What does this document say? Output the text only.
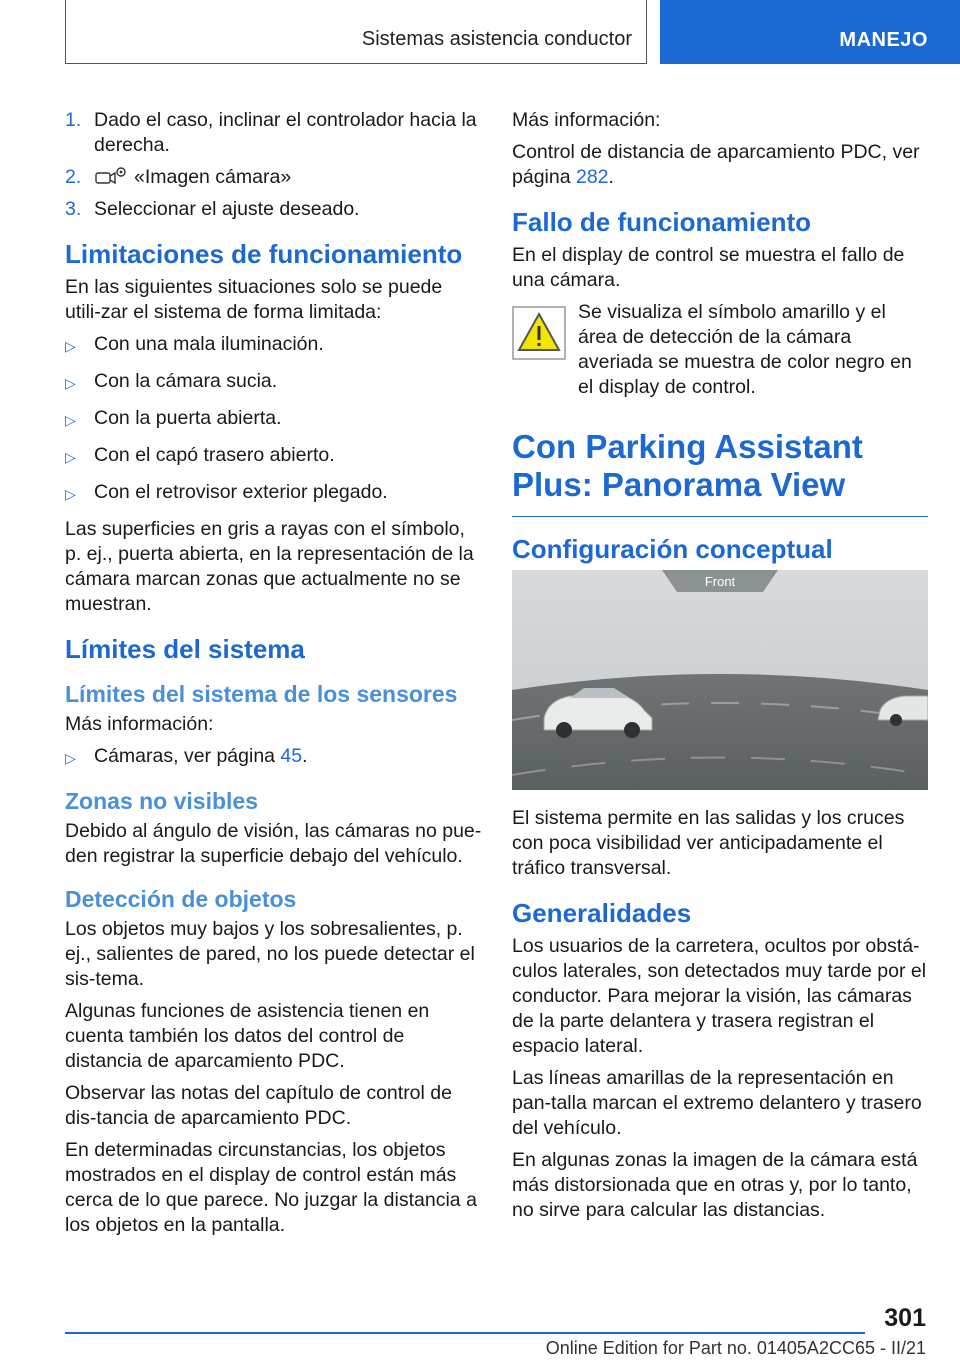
Sistemas asistencia conductor	MANEJO
1. Dado el caso, inclinar el controlador hacia la derecha.
2.	«Imagen cámara»
3. Seleccionar el ajuste deseado.
Limitaciones de funcionamiento

En las siguientes situaciones solo se puede utili-zar el sistema de forma limitada:

▷ Con una mala iluminación.
▷ Con la cámara sucia.
▷ Con la puerta abierta.
▷ Con el capó trasero abierto.
▷ Con el retrovisor exterior plegado.

Las superficies en gris a rayas con el símbolo, p. ej., puerta abierta, en la representación de la cámara marcan zonas que actualmente no se muestran.

Límites del sistema
Límites del sistema de los sensores

Más información:

▷ Cámaras, ver página 45.
Zonas no visibles

Debido al ángulo de visión, las cámaras no pue-den registrar la superficie debajo del vehículo.

Detección de objetos

Los objetos muy bajos y los sobresalientes, p. ej., salientes de pared, no los puede detectar el sis-tema.

Algunas funciones de asistencia tienen en cuenta también los datos del control de distancia de aparcamiento PDC.

Observar las notas del capítulo de control de dis-tancia de aparcamiento PDC.

En determinadas circunstancias, los objetos mostrados en el display de control están más cerca de lo que parece. No juzgar la distancia a los objetos en la pantalla.

Más información:

Control de distancia de aparcamiento PDC, ver página 282.

Fallo de funcionamiento

En el display de control se muestra el fallo de una cámara.

Se visualiza el símbolo amarillo y el área de detección de la cámara averiada se muestra de color negro en el display de control.
Con Parking Assistant Plus: Panorama View
Configuración conceptual
Front

El sistema permite en las salidas y los cruces con poca visibilidad ver anticipadamente el tráfico transversal.

Generalidades

Los usuarios de la carretera, ocultos por obstá-culos laterales, son detectados muy tarde por el conductor. Para mejorar la visión, las cámaras de la parte delantera y trasera registran el espacio lateral.

Las líneas amarillas de la representación en pan-talla marcan el extremo delantero y trasero del vehículo.

En algunas zonas la imagen de la cámara está más distorsionada que en otras y, por lo tanto, no sirve para calcular las distancias.

301
Online Edition for Part no. 01405A2CC65 - II/21
